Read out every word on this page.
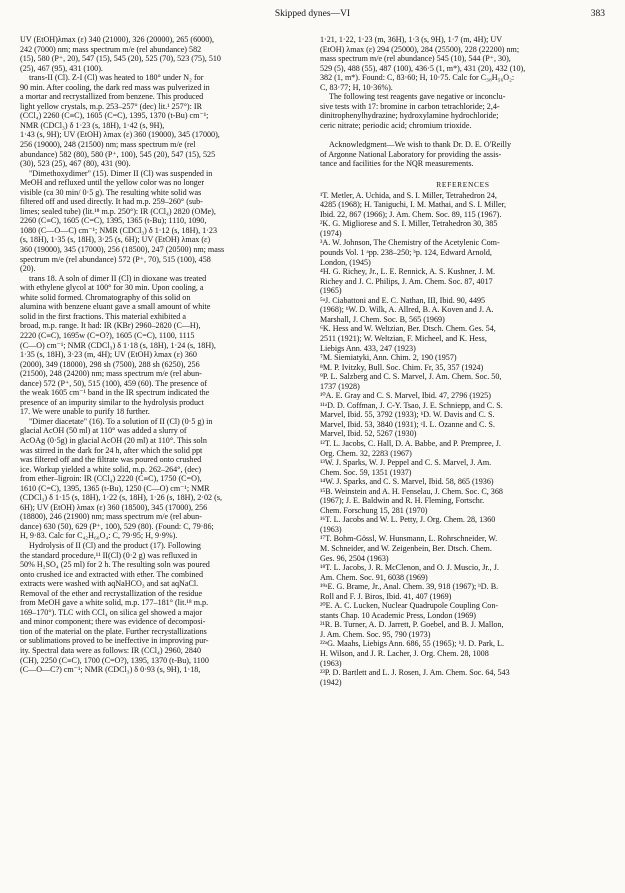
Skipped dynes—VI	383
UV (EtOH)λmax (ε) 340 (21000), 326 (20000), 265 (6000),
242 (7000) nm; mass spectrum m/e (rel abundance) 582
(15), 580 (P⁺, 20), 547 (15), 545 (20), 525 (70), 523 (75), 510
(25), 467 (95), 431 (100).
trans-II (Cl). Z-I (Cl) was heated to 180° under N₂ for
90 min. After cooling, the dark red mass was pulverized in
a mortar and recrystallized from benzene. This produced
light yellow crystals, m.p. 253–257° (dec) lit.¹ 257°): IR
(CCl₄) 2260 (C≡C), 1605 (C=C), 1395, 1370 (t-Bu) cm⁻¹;
NMR (CDCl₃) δ 1·23 (s, 18H), 1·42 (s, 9H),
1·43 (s, 9H); UV (EtOH) λmax (ε) 360 (19000), 345 (17000),
256 (19000), 248 (21500) nm; mass spectrum m/e (rel
abundance) 582 (80), 580 (P⁺, 100), 545 (20), 547 (15), 525
(30), 523 (25), 467 (80), 431 (90).
"Dimethoxydimer" (15). Dimer II (Cl) was suspended in
MeOH and refluxed until the yellow color was no longer
visible (ca 30 min/ 0·5 g). The resulting white solid was
filtered off and used directly. It had m.p. 259–260° (sub-
limes; sealed tube) (lit.¹⁸ m.p. 250°): IR (CCl₄) 2820 (OMe),
2260 (C≡C), 1605 (C=C), 1395, 1365 (t-Bu); 1110, 1090,
1080 (C—O—C) cm⁻¹; NMR (CDCl₃) δ 1·12 (s, 18H), 1·23
(s, 18H), 1·35 (s, 18H), 3·25 (s, 6H); UV (EtOH) λmax (ε)
360 (19000), 345 (17000), 256 (18500), 247 (20500) nm; mass
spectrum m/e (rel abundance) 572 (P⁺, 70), 515 (100), 458
(20).
trans 18. A soln of dimer II (Cl) in dioxane was treated
with ethylene glycol at 100° for 30 min. Upon cooling, a
white solid formed. Chromatography of this solid on
alumina with benzene eluant gave a small amount of white
solid in the first fractions. This material exhibited a
broad, m.p. range. It had: IR (KBr) 2960–2820 (C—H),
2220 (C≡C), 1695w (C=O?), 1605 (C=C), 1100, 1115
(C—O) cm⁻¹; NMR (CDCl₃) δ 1·18 (s, 18H), 1·24 (s, 18H),
1·35 (s, 18H), 3·23 (m, 4H); UV (EtOH) λmax (ε) 360
(2000), 349 (18000), 298 sh (7500), 288 sh (6250), 256
(21500), 248 (24200) nm; mass spectrum m/e (rel abun-
dance) 572 (P⁺, 50), 515 (100), 459 (60). The presence of
the weak 1605 cm⁻¹ band in the IR spectrum indicated the
presence of an impurity similar to the hydrolysis product
17. We were unable to purify 18 further.
"Dimer diacetate" (16). To a solution of II (Cl) (0·5 g) in
glacial AcOH (50 ml) at 110° was added a slurry of
AcOAg (0·5g) in glacial AcOH (20 ml) at 110°. This soln
was stirred in the dark for 24 h, after which the solid ppt
was filtered off and the filtrate was poured onto crushed
ice. Workup yielded a white solid, m.p. 262–264°, (dec)
from ether–ligroin: IR (CCl₄) 2220 (C≡C), 1750 (C=O),
1610 (C=C), 1395, 1365 (t-Bu), 1250 (C—O) cm⁻¹; NMR
(CDCl₃) δ 1·15 (s, 18H), 1·22 (s, 18H), 1·26 (s, 18H), 2·02 (s,
6H); UV (EtOH) λmax (ε) 360 (18500), 345 (17000), 256
(18800), 246 (21900) nm; mass spectrum m/e (rel abun-
dance) 630 (50), 629 (P⁺, 100), 529 (80). (Found: C, 79·86;
H, 9·83. Calc for C₄₂H₆₀O₄: C, 79·95; H, 9·9%).
Hydrolysis of II (Cl) and the product (17). Following
the standard procedure,¹¹ II(Cl) (0·2 g) was refluxed in
50% H₂SO₄ (25 ml) for 2 h. The resulting soln was poured
onto crushed ice and extracted with ether. The combined
extracts were washed with aqNaHCO₃ and sat aqNaCl.
Removal of the ether and recrystallization of the residue
from MeOH gave a white solid, m.p. 177–181° (lit.¹⁸ m.p.
169–170°). TLC with CCl₄ on silica gel showed a major
and minor component; there was evidence of decomposi-
tion of the material on the plate. Further recrystallizations
or sublimations proved to be ineffective in improving pur-
ity. Spectral data were as follows: IR (CCl₄) 2960, 2840
(CH), 2250 (C≡C), 1700 (C=O?), 1395, 1370 (t-Bu), 1100
(C—O—C?) cm⁻¹; NMR (CDCl₃) δ 0·93 (s, 9H), 1·18,
1·21, 1·22, 1·23 (m, 36H), 1·3 (s, 9H), 1·7 (m, 4H); UV
(EtOH) λmax (ε) 294 (25000), 284 (25500), 228 (22200) nm;
mass spectrum m/e (rel abundance) 545 (10), 544 (P⁺, 30),
529 (5), 488 (55), 487 (100), 436·5 (1, m*), 431 (20), 432 (10),
382 (1, m*). Found: C, 83·60; H, 10·75. Calc for C₃₈H₅₆O₂:
C, 83·77; H, 10·36%).
The following test reagents gave negative or inconclu-
sive tests with 17: bromine in carbon tetrachloride; 2,4-
dinitrophenylhydrazine; hydroxylamine hydrochloride;
ceric nitrate; periodic acid; chromium trioxide.

Acknowledgment—We wish to thank Dr. D. E. O'Reilly
of Argonne National Laboratory for providing the assis-
tance and facilities for the NQR measurements.

REFERENCES
¹T. Metler, A. Uchida, and S. I. Miller, Tetrahedron 24,
4285 (1968); H. Taniguchi, I. M. Mathai, and S. I. Miller,
Ibid. 22, 867 (1966); J. Am. Chem. Soc. 89, 115 (1967).
²K. G. Migliorese and S. I. Miller, Tetrahedron 30, 385
(1974)
³A. W. Johnson, The Chemistry of the Acetylenic Com-
pounds Vol. 1 ᵃpp. 238–250; ᵇp. 124, Edward Arnold,
London, (1945)
⁴H. G. Richey, Jr., L. E. Rennick, A. S. Kushner, J. M.
Richey and J. C. Philips, J. Am. Chem. Soc. 87, 4017
(1965)
⁵ᵃJ. Ciabattoni and E. C. Nathan, III, Ibid. 90, 4495
(1968); ᵇW. D. Wilk, A. Allred, B. A. Koven and J. A.
Marshall, J. Chem. Soc. B, 565 (1969)
⁶K. Hess and W. Weltzian, Ber. Dtsch. Chem. Ges. 54,
2511 (1921); W. Weltzian, F. Micheel, and K. Hess,
Liebigs Ann. 433, 247 (1923)
⁷M. Siemiatyki, Ann. Chim. 2, 190 (1957)
⁸M. P. Ivitzky, Bull. Soc. Chim. Fr, 35, 357 (1924)
⁹P. L. Salzberg and C. S. Marvel, J. Am. Chem. Soc. 50,
1737 (1928)
¹⁰A. E. Gray and C. S. Marvel, Ibid. 47, 2796 (1925)
¹¹ᵃD. D. Coffman, J. C-Y. Tsao, J. E. Schniepp, and C. S.
Marvel, Ibid. 55, 3792 (1933); ᵇD. W. Davis and C. S.
Marvel, Ibid. 53, 3840 (1931); ᶜI. L. Ozanne and C. S.
Marvel, Ibid. 52, 5267 (1930)
¹²T. L. Jacobs, C. Hall, D. A. Babbe, and P. Prempree, J.
Org. Chem. 32, 2283 (1967)
¹³W. J. Sparks, W. J. Peppel and C. S. Marvel, J. Am.
Chem. Soc. 59, 1351 (1937)
¹⁴W. J. Sparks, and C. S. Marvel, Ibid. 58, 865 (1936)
¹⁵B. Weinstein and A. H. Fenselau, J. Chem. Soc. C, 368
(1967); J. E. Baldwin and R. H. Fleming, Fortschr.
Chem. Forschung 15, 281 (1970)
¹⁶T. L. Jacobs and W. L. Petty, J. Org. Chem. 28, 1360
(1963)
¹⁷T. Bohm-Gössl, W. Hunsmann, L. Rohrschneider, W.
M. Schneider, and W. Zeigenbein, Ber. Dtsch. Chem.
Ges. 96, 2504 (1963)
¹⁸T. L. Jacobs, J. R. McClenon, and O. J. Muscio, Jr., J.
Am. Chem. Soc. 91, 6038 (1969)
¹⁹ᵃE. G. Brame, Jr., Anal. Chem. 39, 918 (1967); ᵇD. B.
Roll and F. J. Biros, Ibid. 41, 407 (1969)
²⁰E. A. C. Lucken, Nuclear Quadrupole Coupling Con-
stants Chap. 10 Academic Press, London (1969)
²¹R. B. Turner, A. D. Jarrett, P. Goebel, and B. J. Mallon,
J. Am. Chem. Soc. 95, 790 (1973)
²²ᵃG. Maahs, Liebigs Ann. 686, 55 (1965); ᵇJ. D. Park, L.
H. Wilson, and J. R. Lacher, J. Org. Chem. 28, 1008
(1963)
²³P. D. Bartlett and L. J. Rosen, J. Am. Chem. Soc. 64, 543
(1942)
